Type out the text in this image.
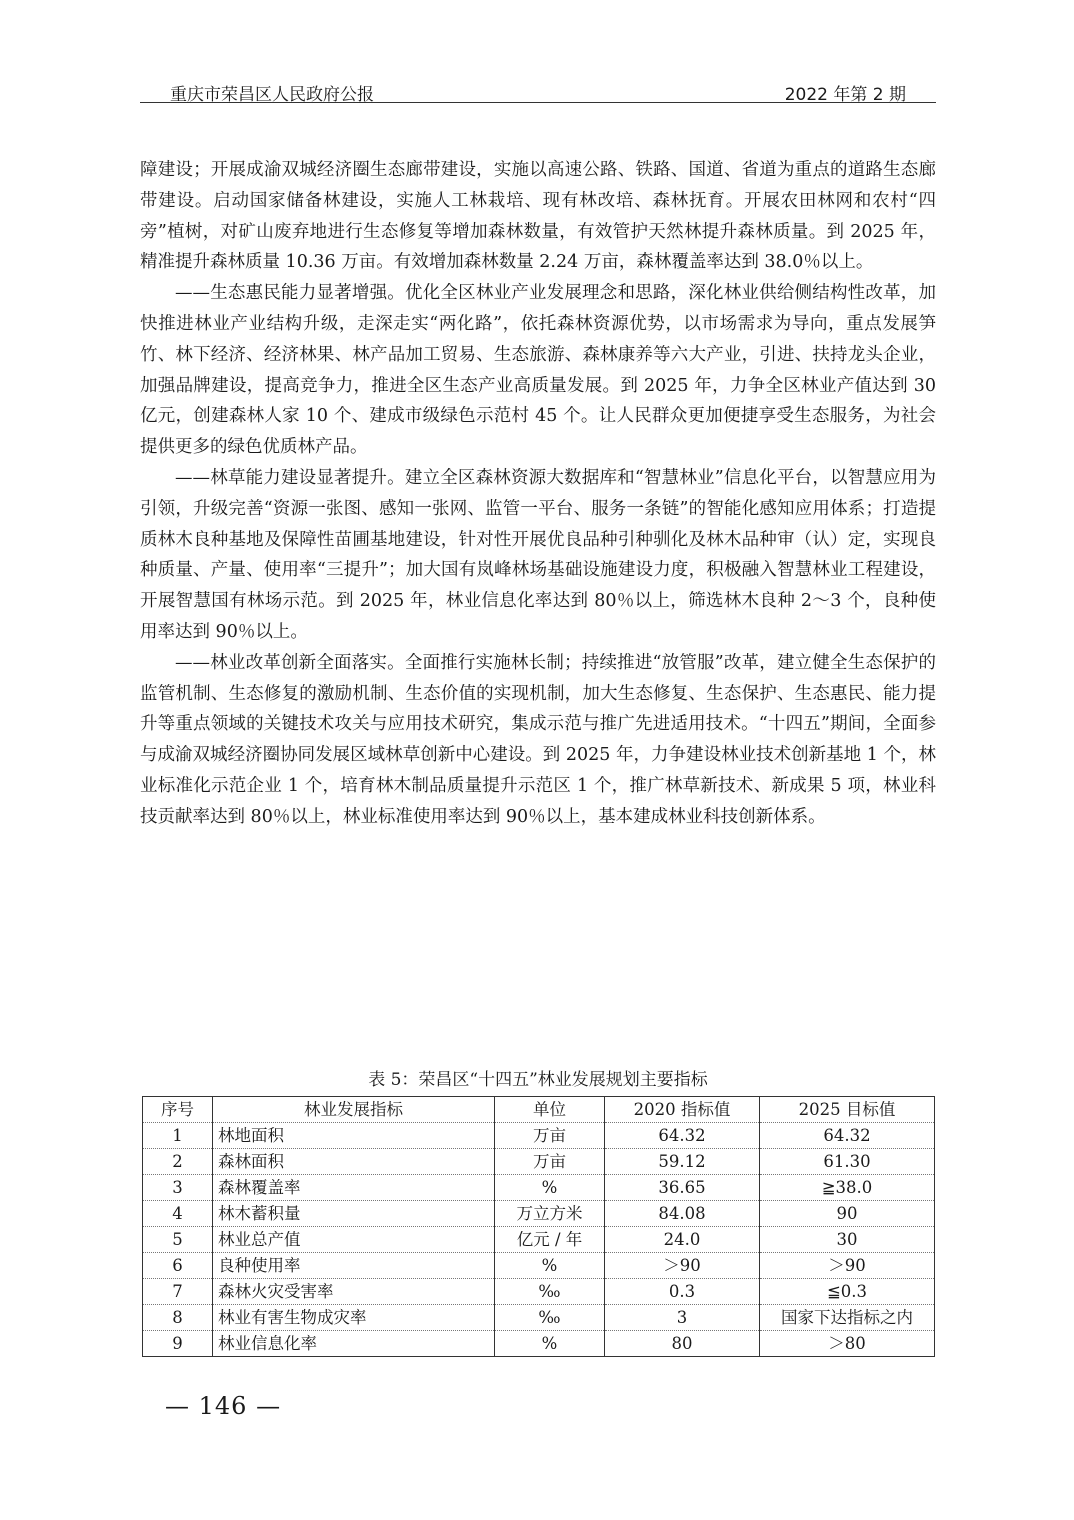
重庆市荣昌区人民政府公报	2022 年第 2 期

障建设；开展成渝双城经济圈生态廊带建设，实施以高速公路、铁路、国道、省道为重点的道路生态廊带建设。启动国家储备林建设，实施人工林栽培、现有林改培、森林抚育。开展农田林网和农村“四旁”植树，对矿山废弃地进行生态修复等增加森林数量，有效管护天然林提升森林质量。到 2025 年，精准提升森林质量 10.36 万亩。有效增加森林数量 2.24 万亩，森林覆盖率达到 38.0％以上。

——生态惠民能力显著增强。优化全区林业产业发展理念和思路，深化林业供给侧结构性改革，加快推进林业产业结构升级，走深走实“两化路”，依托森林资源优势，以市场需求为导向，重点发展笋竹、林下经济、经济林果、林产品加工贸易、生态旅游、森林康养等六大产业，引进、扶持龙头企业，加强品牌建设，提高竞争力，推进全区生态产业高质量发展。到 2025 年，力争全区林业产值达到 30 亿元，创建森林人家 10 个、建成市级绿色示范村 45 个。让人民群众更加便捷享受生态服务，为社会提供更多的绿色优质林产品。

——林草能力建设显著提升。建立全区森林资源大数据库和“智慧林业”信息化平台，以智慧应用为引领，升级完善“资源一张图、感知一张网、监管一平台、服务一条链”的智能化感知应用体系；打造提质林木良种基地及保障性苗圃基地建设，针对性开展优良品种引种驯化及林木品种审（认）定，实现良种质量、产量、使用率“三提升”；加大国有岚峰林场基础设施建设力度，积极融入智慧林业工程建设，开展智慧国有林场示范。到 2025 年，林业信息化率达到 80％以上，筛选林木良种 2～3 个，良种使用率达到 90％以上。

——林业改革创新全面落实。全面推行实施林长制；持续推进“放管服”改革，建立健全生态保护的监管机制、生态修复的激励机制、生态价值的实现机制，加大生态修复、生态保护、生态惠民、能力提升等重点领域的关键技术攻关与应用技术研究，集成示范与推广先进适用技术。“十四五”期间，全面参与成渝双城经济圈协同发展区域林草创新中心建设。到 2025 年，力争建设林业技术创新基地 1 个，林业标准化示范企业 1 个，培育林木制品质量提升示范区 1 个，推广林草新技术、新成果 5 项，林业科技贡献率达到 80％以上，林业标准使用率达到 90％以上，基本建成林业科技创新体系。

表 5：荣昌区“十四五”林业发展规划主要指标
序号	林业发展指标	单位	2020 指标值	2025 目标值
1	林地面积	万亩	64.32	64.32
2	森林面积	万亩	59.12	61.30
3	森林覆盖率	%	36.65	≧38.0
4	林木蓄积量	万立方米	84.08	90
5	林业总产值	亿元 / 年	24.0	30
6	良种使用率	%	＞90	＞90
7	森林火灾受害率	‰	0.3	≦0.3
8	林业有害生物成灾率	‰	3	国家下达指标之内
9	林业信息化率	%	80	＞80
— 146 —
